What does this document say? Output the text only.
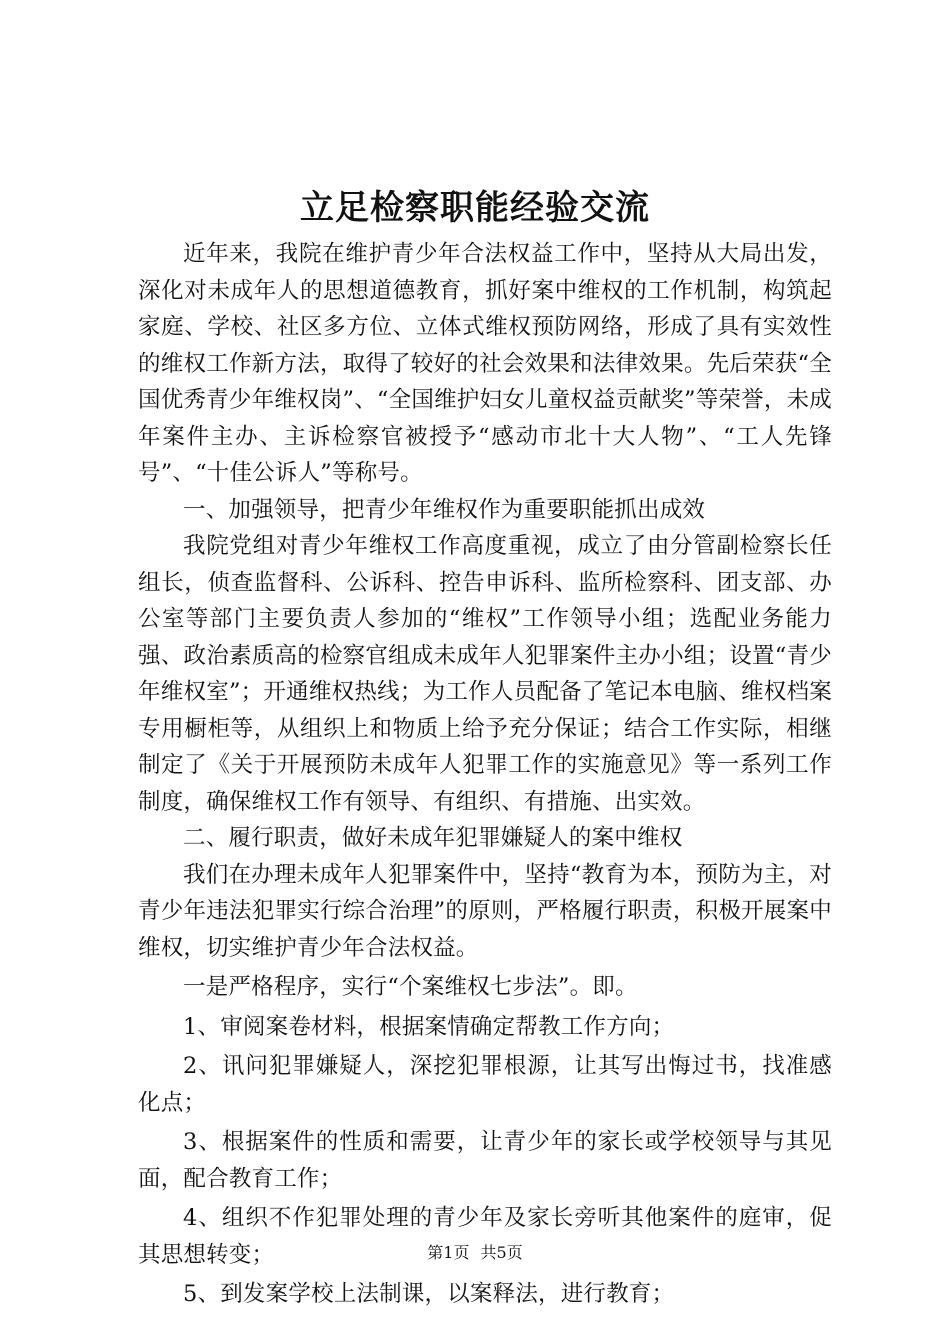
立足检察职能经验交流

近年来，我院在维护青少年合法权益工作中，坚持从大局出发，深化对未成年人的思想道德教育，抓好案中维权的工作机制，构筑起家庭、学校、社区多方位、立体式维权预防网络，形成了具有实效性的维权工作新方法，取得了较好的社会效果和法律效果。先后荣获“全国优秀青少年维权岗”、“全国维护妇女儿童权益贡献奖”等荣誉，未成年案件主办、主诉检察官被授予“感动市北十大人物”、“工人先锋号”、“十佳公诉人”等称号。

一、加强领导，把青少年维权作为重要职能抓出成效

我院党组对青少年维权工作高度重视，成立了由分管副检察长任组长，侦查监督科、公诉科、控告申诉科、监所检察科、团支部、办公室等部门主要负责人参加的“维权”工作领导小组；选配业务能力强、政治素质高的检察官组成未成年人犯罪案件主办小组；设置“青少年维权室”；开通维权热线；为工作人员配备了笔记本电脑、维权档案专用橱柜等，从组织上和物质上给予充分保证；结合工作实际，相继制定了《关于开展预防未成年人犯罪工作的实施意见》等一系列工作制度，确保维权工作有领导、有组织、有措施、出实效。

二、履行职责，做好未成年犯罪嫌疑人的案中维权

我们在办理未成年人犯罪案件中，坚持“教育为本，预防为主，对青少年违法犯罪实行综合治理”的原则，严格履行职责，积极开展案中维权，切实维护青少年合法权益。

一是严格程序，实行“个案维权七步法”。即。

1、审阅案卷材料，根据案情确定帮教工作方向；

2、讯问犯罪嫌疑人，深挖犯罪根源，让其写出悔过书，找准感化点；

3、根据案件的性质和需要，让青少年的家长或学校领导与其见面，配合教育工作；

4、组织不作犯罪处理的青少年及家长旁听其他案件的庭审，促其思想转变；

5、到发案学校上法制课，以案释法，进行教育；

第1页 共5页
